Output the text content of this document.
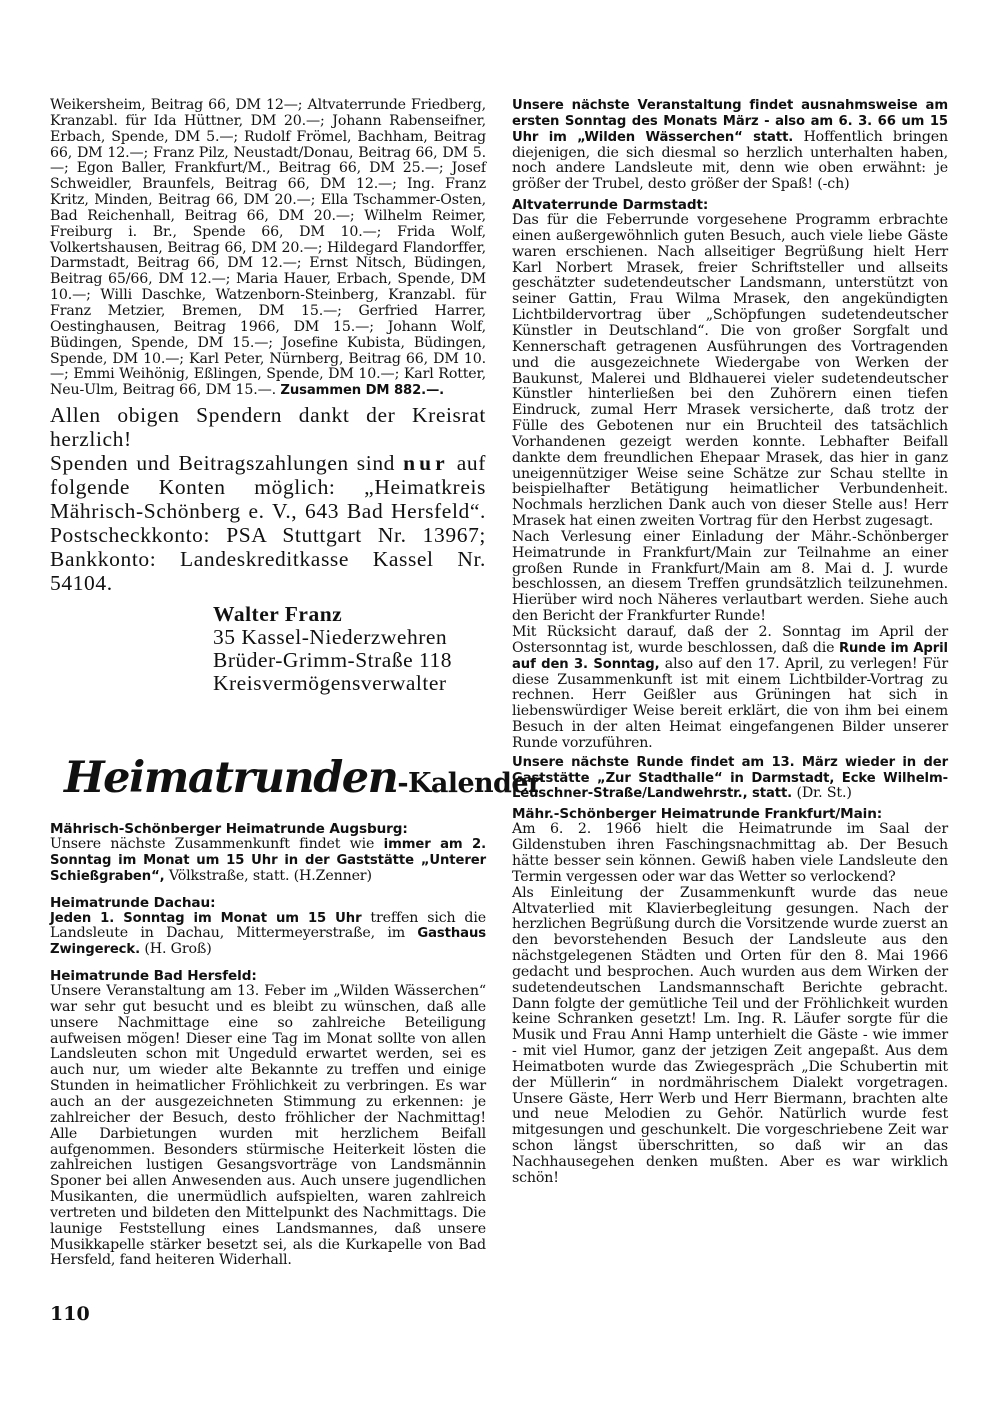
Weikersheim, Beitrag 66, DM 12—; Altvaterrunde Friedberg, Kranzabl. für Ida Hüttner, DM 20.—; Johann Rabenseifner, Erbach, Spende, DM 5.—; Rudolf Frömel, Bachham, Beitrag 66, DM 12.—; Franz Pilz, Neustadt/Donau, Beitrag 66, DM 5.—; Egon Baller, Frankfurt/M., Beitrag 66, DM 25.—; Josef Schweidler, Braunfels, Beitrag 66, DM 12.—; Ing. Franz Kritz, Minden, Beitrag 66, DM 20.—; Ella Tschammer-Osten, Bad Reichenhall, Beitrag 66, DM 20.—; Wilhelm Reimer, Freiburg i. Br., Spende 66, DM 10.—; Frida Wolf, Volkertshausen, Beitrag 66, DM 20.—; Hildegard Flandorffer, Darmstadt, Beitrag 66, DM 12.—; Ernst Nitsch, Büdingen, Beitrag 65/66, DM 12.—; Maria Hauer, Erbach, Spende, DM 10.—; Willi Daschke, Watzenborn-Steinberg, Kranzabl. für Franz Metzier, Bremen, DM 15.—; Gerfried Harrer, Oestinghausen, Beitrag 1966, DM 15.—; Johann Wolf, Büdingen, Spende, DM 15.—; Josefine Kubista, Büdingen, Spende, DM 10.—; Karl Peter, Nürnberg, Beitrag 66, DM 10.—; Emmi Weihönig, Eßlingen, Spende, DM 10.—; Karl Rotter, Neu-Ulm, Beitrag 66, DM 15.—. Zusammen DM 882.—.

Allen obigen Spendern dankt der Kreisrat herzlich!

Spenden und Beitragszahlungen sind nur auf folgende Konten möglich: „Heimatkreis Mährisch-Schönberg e. V., 643 Bad Hersfeld“. Postscheckkonto: PSA Stuttgart Nr. 13967; Bankkonto: Landeskreditkasse Kassel Nr. 54104.

Walter Franz
35 Kassel-Niederzwehren
Brüder-Grimm-Straße 118
Kreisvermögensverwalter
Heimatrunden-Kalender

Mährisch-Schönberger Heimatrunde Augsburg:

Unsere nächste Zusammenkunft findet wie immer am 2. Sonntag im Monat um 15 Uhr in der Gaststätte „Unterer Schießgraben“, Völkstraße, statt. (H.Zenner)

Heimatrunde Dachau:

Jeden 1. Sonntag im Monat um 15 Uhr treffen sich die Landsleute in Dachau, Mittermeyerstraße, im Gasthaus Zwingereck. (H. Groß)

Heimatrunde Bad Hersfeld:

Unsere Veranstaltung am 13. Feber im „Wilden Wässerchen“ war sehr gut besucht und es bleibt zu wünschen, daß alle unsere Nachmittage eine so zahlreiche Beteiligung aufweisen mögen! Dieser eine Tag im Monat sollte von allen Landsleuten schon mit Ungeduld erwartet werden, sei es auch nur, um wieder alte Bekannte zu treffen und einige Stunden in heimatlicher Fröhlichkeit zu verbringen. Es war auch an der ausgezeichneten Stimmung zu erkennen: je zahlreicher der Besuch, desto fröhlicher der Nachmittag! Alle Darbietungen wurden mit herzlichem Beifall aufgenommen. Besonders stürmische Heiterkeit lösten die zahlreichen lustigen Gesangsvorträge von Landsmännin Sponer bei allen Anwesenden aus. Auch unsere jugendlichen Musikanten, die unermüdlich aufspielten, waren zahlreich vertreten und bildeten den Mittelpunkt des Nachmittags. Die launige Feststellung eines Landsmannes, daß unsere Musikkapelle stärker besetzt sei, als die Kurkapelle von Bad Hersfeld, fand heiteren Widerhall.

Unsere nächste Veranstaltung findet ausnahmsweise am ersten Sonntag des Monats März - also am 6. 3. 66 um 15 Uhr im „Wilden Wässerchen“ statt. Hoffentlich bringen diejenigen, die sich diesmal so herzlich unterhalten haben, noch andere Landsleute mit, denn wie oben erwähnt: je größer der Trubel, desto größer der Spaß! (-ch)

Altvaterrunde Darmstadt:

Das für die Feberrunde vorgesehene Programm erbrachte einen außergewöhnlich guten Besuch, auch viele liebe Gäste waren erschienen. Nach allseitiger Begrüßung hielt Herr Karl Norbert Mrasek, freier Schriftsteller und allseits geschätzter sudetendeutscher Landsmann, unterstützt von seiner Gattin, Frau Wilma Mrasek, den angekündigten Lichtbildervortrag über „Schöpfungen sudetendeutscher Künstler in Deutschland“. Die von großer Sorgfalt und Kennerschaft getragenen Ausführungen des Vortragenden und die ausgezeichnete Wiedergabe von Werken der Baukunst, Malerei und Bldhauerei vieler sudetendeutscher Künstler hinterließen bei den Zuhörern einen tiefen Eindruck, zumal Herr Mrasek versicherte, daß trotz der Fülle des Gebotenen nur ein Bruchteil des tatsächlich Vorhandenen gezeigt werden konnte. Lebhafter Beifall dankte dem freundlichen Ehepaar Mrasek, das hier in ganz uneigennütziger Weise seine Schätze zur Schau stellte in beispielhafter Betätigung heimatlicher Verbundenheit. Nochmals herzlichen Dank auch von dieser Stelle aus! Herr Mrasek hat einen zweiten Vortrag für den Herbst zugesagt.

Nach Verlesung einer Einladung der Mähr.-Schönberger Heimatrunde in Frankfurt/Main zur Teilnahme an einer großen Runde in Frankfurt/Main am 8. Mai d. J. wurde beschlossen, an diesem Treffen grundsätzlich teilzunehmen. Hierüber wird noch Näheres verlautbart werden. Siehe auch den Bericht der Frankfurter Runde!

Mit Rücksicht darauf, daß der 2. Sonntag im April der Ostersonntag ist, wurde beschlossen, daß die Runde im April auf den 3. Sonntag, also auf den 17. April, zu verlegen! Für diese Zusammenkunft ist mit einem Lichtbilder-Vortrag zu rechnen. Herr Geißler aus Grüningen hat sich in liebenswürdiger Weise bereit erklärt, die von ihm bei einem Besuch in der alten Heimat eingefangenen Bilder unserer Runde vorzuführen.

Unsere nächste Runde findet am 13. März wieder in der Gaststätte „Zur Stadthalle“ in Darmstadt, Ecke Wilhelm-Leuschner-Straße/Landwehrstr., statt. (Dr. St.)

Mähr.-Schönberger Heimatrunde Frankfurt/Main:

Am 6. 2. 1966 hielt die Heimatrunde im Saal der Gildenstuben ihren Faschingsnachmittag ab. Der Besuch hätte besser sein können. Gewiß haben viele Landsleute den Termin vergessen oder war das Wetter so verlockend?

Als Einleitung der Zusammenkunft wurde das neue Altvaterlied mit Klavierbegleitung gesungen. Nach der herzlichen Begrüßung durch die Vorsitzende wurde zuerst an den bevorstehenden Besuch der Landsleute aus den nächstgelegenen Städten und Orten für den 8. Mai 1966 gedacht und besprochen. Auch wurden aus dem Wirken der sudetendeutschen Landsmannschaft Berichte gebracht. Dann folgte der gemütliche Teil und der Fröhlichkeit wurden keine Schranken gesetzt! Lm. Ing. R. Läufer sorgte für die Musik und Frau Anni Hamp unterhielt die Gäste - wie immer - mit viel Humor, ganz der jetzigen Zeit angepaßt. Aus dem Heimatboten wurde das Zwiegespräch „Die Schubertin mit der Müllerin“ in nordmährischem Dialekt vorgetragen. Unsere Gäste, Herr Werb und Herr Biermann, brachten alte und neue Melodien zu Gehör. Natürlich wurde fest mitgesungen und geschunkelt. Die vorgeschriebene Zeit war schon längst überschritten, so daß wir an das Nachhausegehen denken mußten. Aber es war wirklich schön!

110
